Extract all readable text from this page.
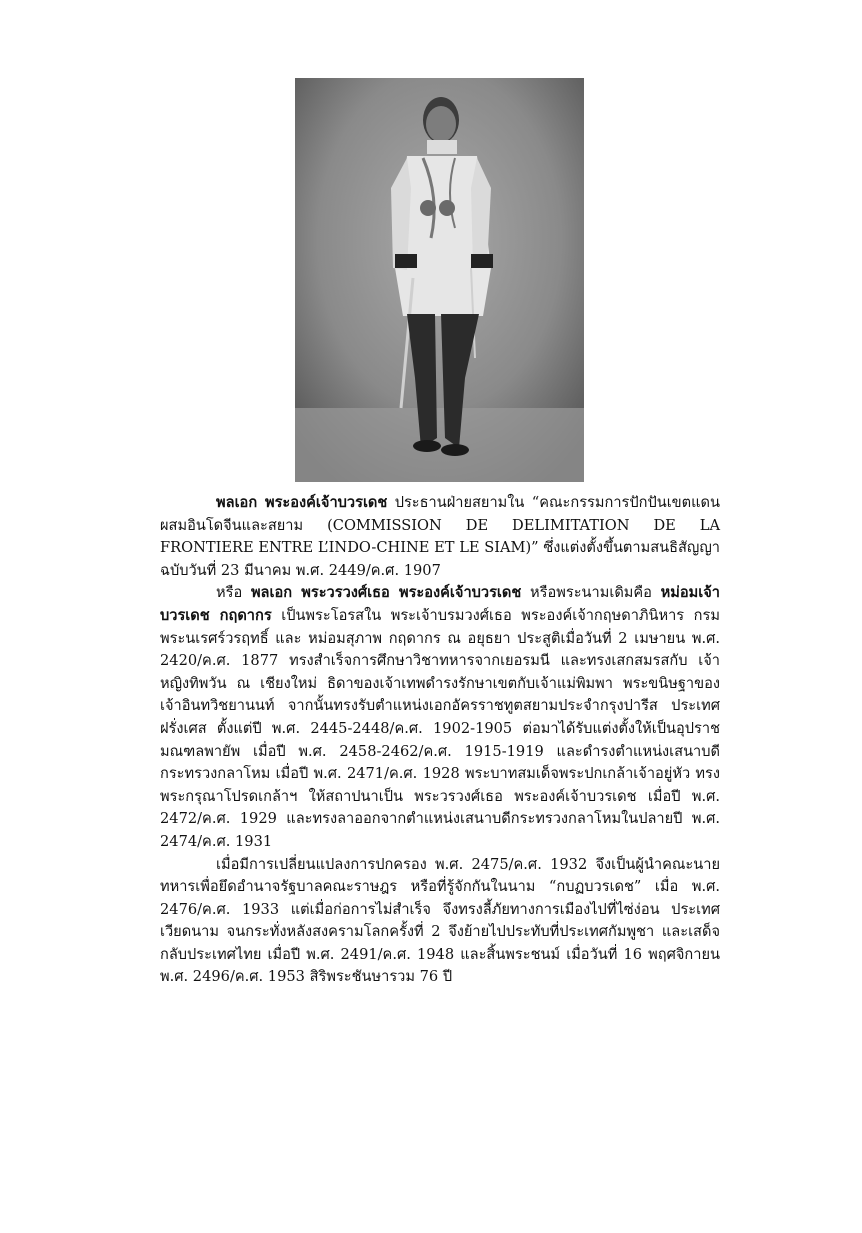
พลเอก พระองค์เจ้าบวรเดช ประธานฝ่ายสยามใน “คณะกรรมการปักปันเขตแดนผสมอินโดจีนและสยาม (COMMISSION DE DELIMITATION DE LA FRONTIERE ENTRE L’INDO-CHINE ET LE SIAM)” ซึ่งแต่งตั้งขึ้นตามสนธิสัญญาฉบับวันที่ 23 มีนาคม พ.ศ. 2449/ค.ศ. 1907

หรือ พลเอก พระวรวงศ์เธอ พระองค์เจ้าบวรเดช หรือพระนามเดิมคือ หม่อมเจ้าบวรเดช กฤดากร เป็นพระโอรสใน พระเจ้าบรมวงศ์เธอ พระองค์เจ้ากฤษดาภินิหาร กรมพระนเรศร์วรฤทธิ์ และ หม่อมสุภาพ กฤดากร ณ อยุธยา ประสูติเมื่อวันที่ 2 เมษายน พ.ศ. 2420/ค.ศ. 1877 ทรงสำเร็จการศึกษาวิชาทหารจากเยอรมนี และทรงเสกสมรสกับ เจ้าหญิงทิพวัน ณ เชียงใหม่ ธิดาของเจ้าเทพดำรงรักษาเขตกับเจ้าแม่พิมพา พระขนิษฐาของเจ้าอินทวิชยานนท์ จากนั้นทรงรับตำแหน่งเอกอัครราชทูตสยามประจำกรุงปารีส ประเทศฝรั่งเศส ตั้งแต่ปี พ.ศ. 2445-2448/ค.ศ. 1902-1905 ต่อมาได้รับแต่งตั้งให้เป็นอุปราชมณฑลพายัพ เมื่อปี พ.ศ. 2458-2462/ค.ศ. 1915-1919 และดำรงตำแหน่งเสนาบดีกระทรวงกลาโหม เมื่อปี พ.ศ. 2471/ค.ศ. 1928 พระบาทสมเด็จพระปกเกล้าเจ้าอยู่หัว ทรงพระกรุณาโปรดเกล้าฯ ให้สถาปนาเป็น พระวรวงศ์เธอ พระองค์เจ้าบวรเดช เมื่อปี พ.ศ. 2472/ค.ศ. 1929 และทรงลาออกจากตำแหน่งเสนาบดีกระทรวงกลาโหมในปลายปี พ.ศ. 2474/ค.ศ. 1931

เมื่อมีการเปลี่ยนแปลงการปกครอง พ.ศ. 2475/ค.ศ. 1932 จึงเป็นผู้นำคณะนายทหารเพื่อยึดอำนาจรัฐบาลคณะราษฎร หรือที่รู้จักกันในนาม “กบฏบวรเดช” เมื่อ พ.ศ. 2476/ค.ศ. 1933 แต่เมื่อก่อการไม่สำเร็จ จึงทรงลี้ภัยทางการเมืองไปที่ไซ่ง่อน ประเทศเวียดนาม จนกระทั่งหลังสงครามโลกครั้งที่ 2 จึงย้ายไปประทับที่ประเทศกัมพูชา และเสด็จกลับประเทศไทย เมื่อปี พ.ศ. 2491/ค.ศ. 1948 และสิ้นพระชนม์ เมื่อวันที่ 16 พฤศจิกายน พ.ศ. 2496/ค.ศ. 1953 สิริพระชันษารวม 76 ปี
